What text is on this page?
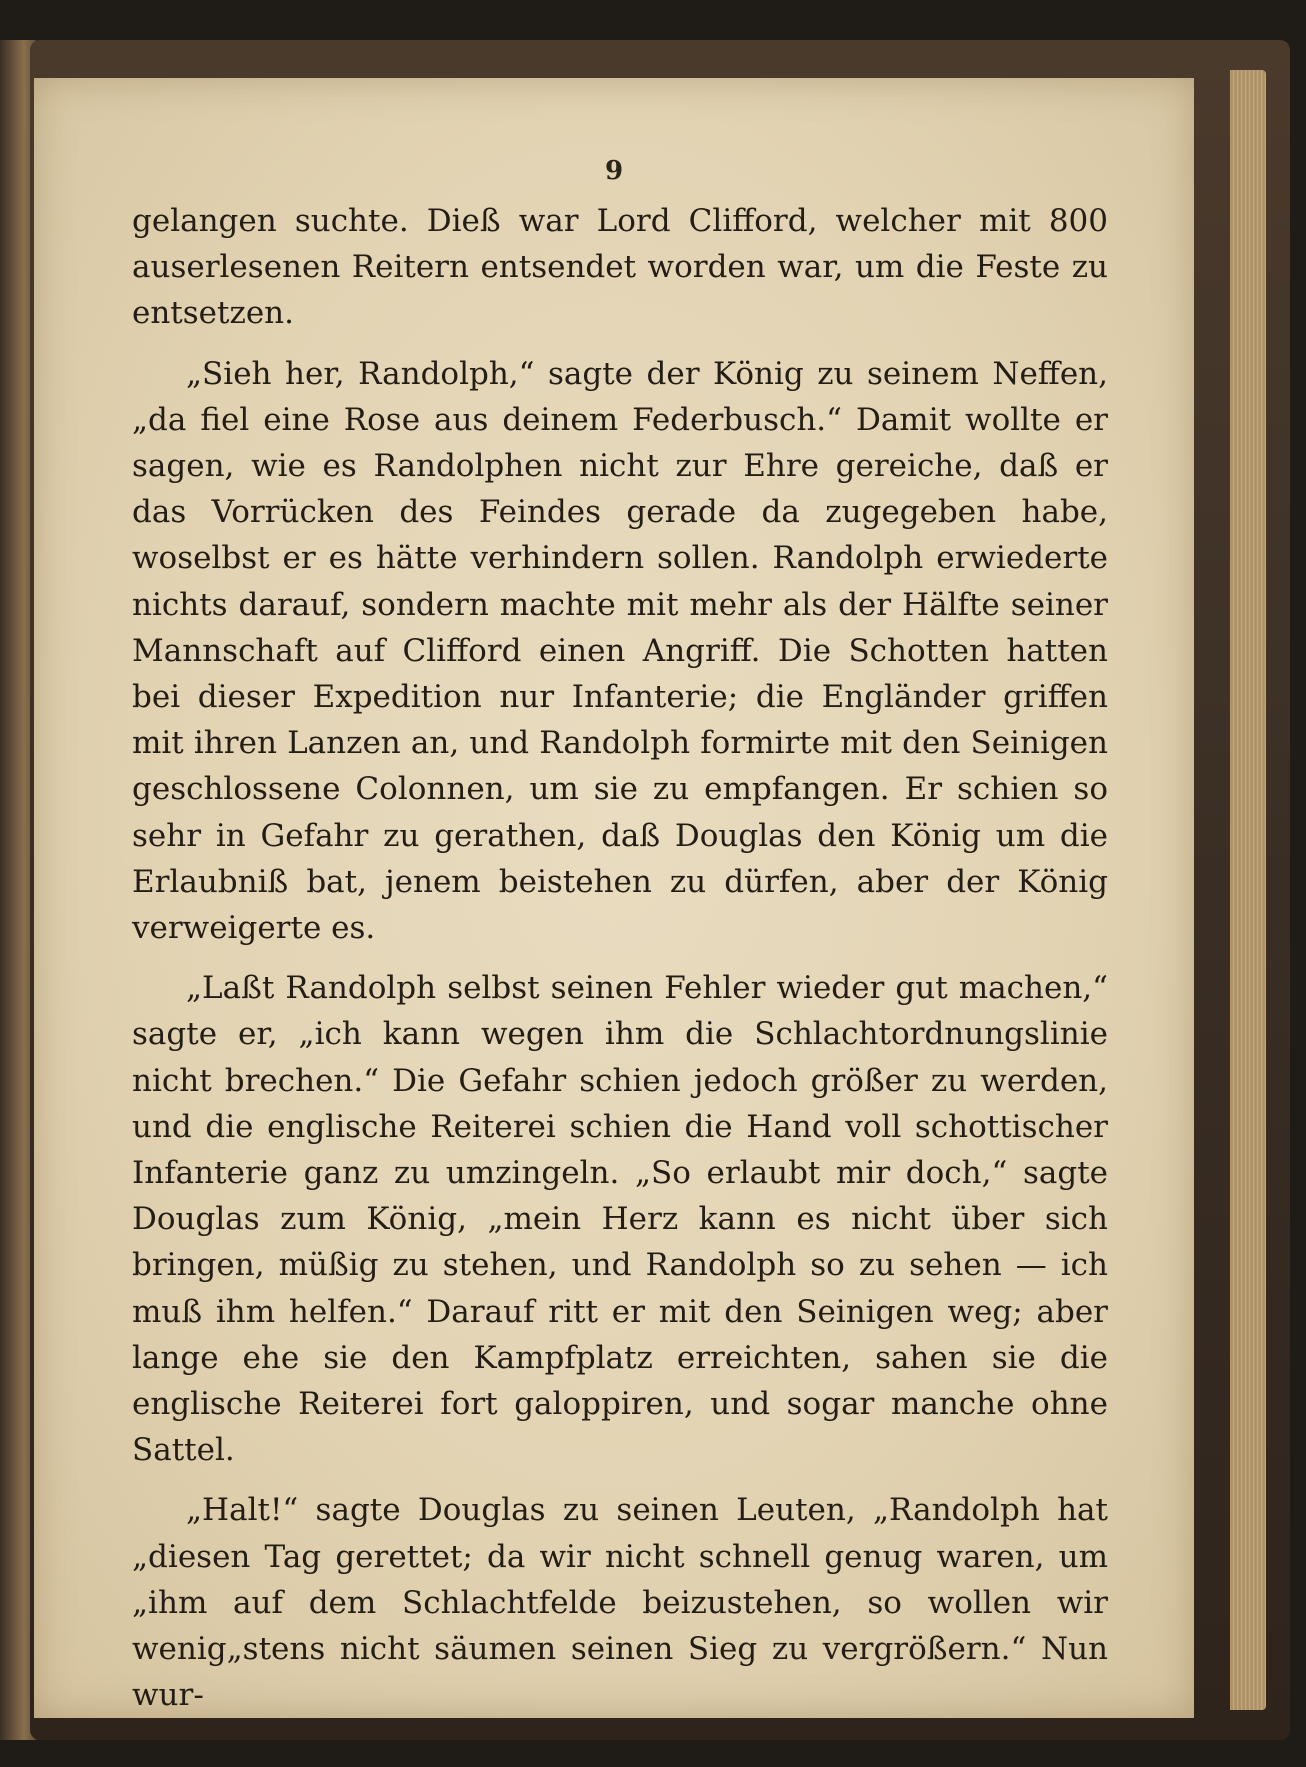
9

gelangen suchte. Dieß war Lord Clifford, welcher mit 800 auserlesenen Reitern entsendet worden war, um die Feste zu entsetzen.

„Sieh her, Randolph,“ sagte der König zu seinem Neffen, „da fiel eine Rose aus deinem Federbusch.“ Damit wollte er sagen, wie es Randolphen nicht zur Ehre gereiche, daß er das Vorrücken des Feindes gerade da zugegeben habe, woselbst er es hätte verhindern sollen. Randolph erwiederte nichts darauf, sondern machte mit mehr als der Hälfte seiner Mannschaft auf Clifford einen Angriff. Die Schotten hatten bei dieser Expedition nur Infanterie; die Engländer griffen mit ihren Lanzen an, und Randolph formirte mit den Seinigen geschlossene Colonnen, um sie zu empfangen. Er schien so sehr in Gefahr zu gerathen, daß Douglas den König um die Erlaubniß bat, jenem beistehen zu dürfen, aber der König verweigerte es.

„Laßt Randolph selbst seinen Fehler wieder gut machen,“ sagte er, „ich kann wegen ihm die Schlachtordnungslinie nicht brechen.“ Die Gefahr schien jedoch größer zu werden, und die englische Reiterei schien die Hand voll schottischer Infanterie ganz zu umzingeln. „So erlaubt mir doch,“ sagte Douglas zum König, „mein Herz kann es nicht über sich bringen, müßig zu stehen, und Randolph so zu sehen — ich muß ihm helfen.“ Darauf ritt er mit den Seinigen weg; aber lange ehe sie den Kampfplatz erreichten, sahen sie die englische Reiterei fort galoppiren, und sogar manche ohne Sattel.

„Halt!“ sagte Douglas zu seinen Leuten, „Randolph hat „diesen Tag gerettet; da wir nicht schnell genug waren, um „ihm auf dem Schlachtfelde beizustehen, so wollen wir wenig„stens nicht säumen seinen Sieg zu vergrößern.“ Nun wur-
